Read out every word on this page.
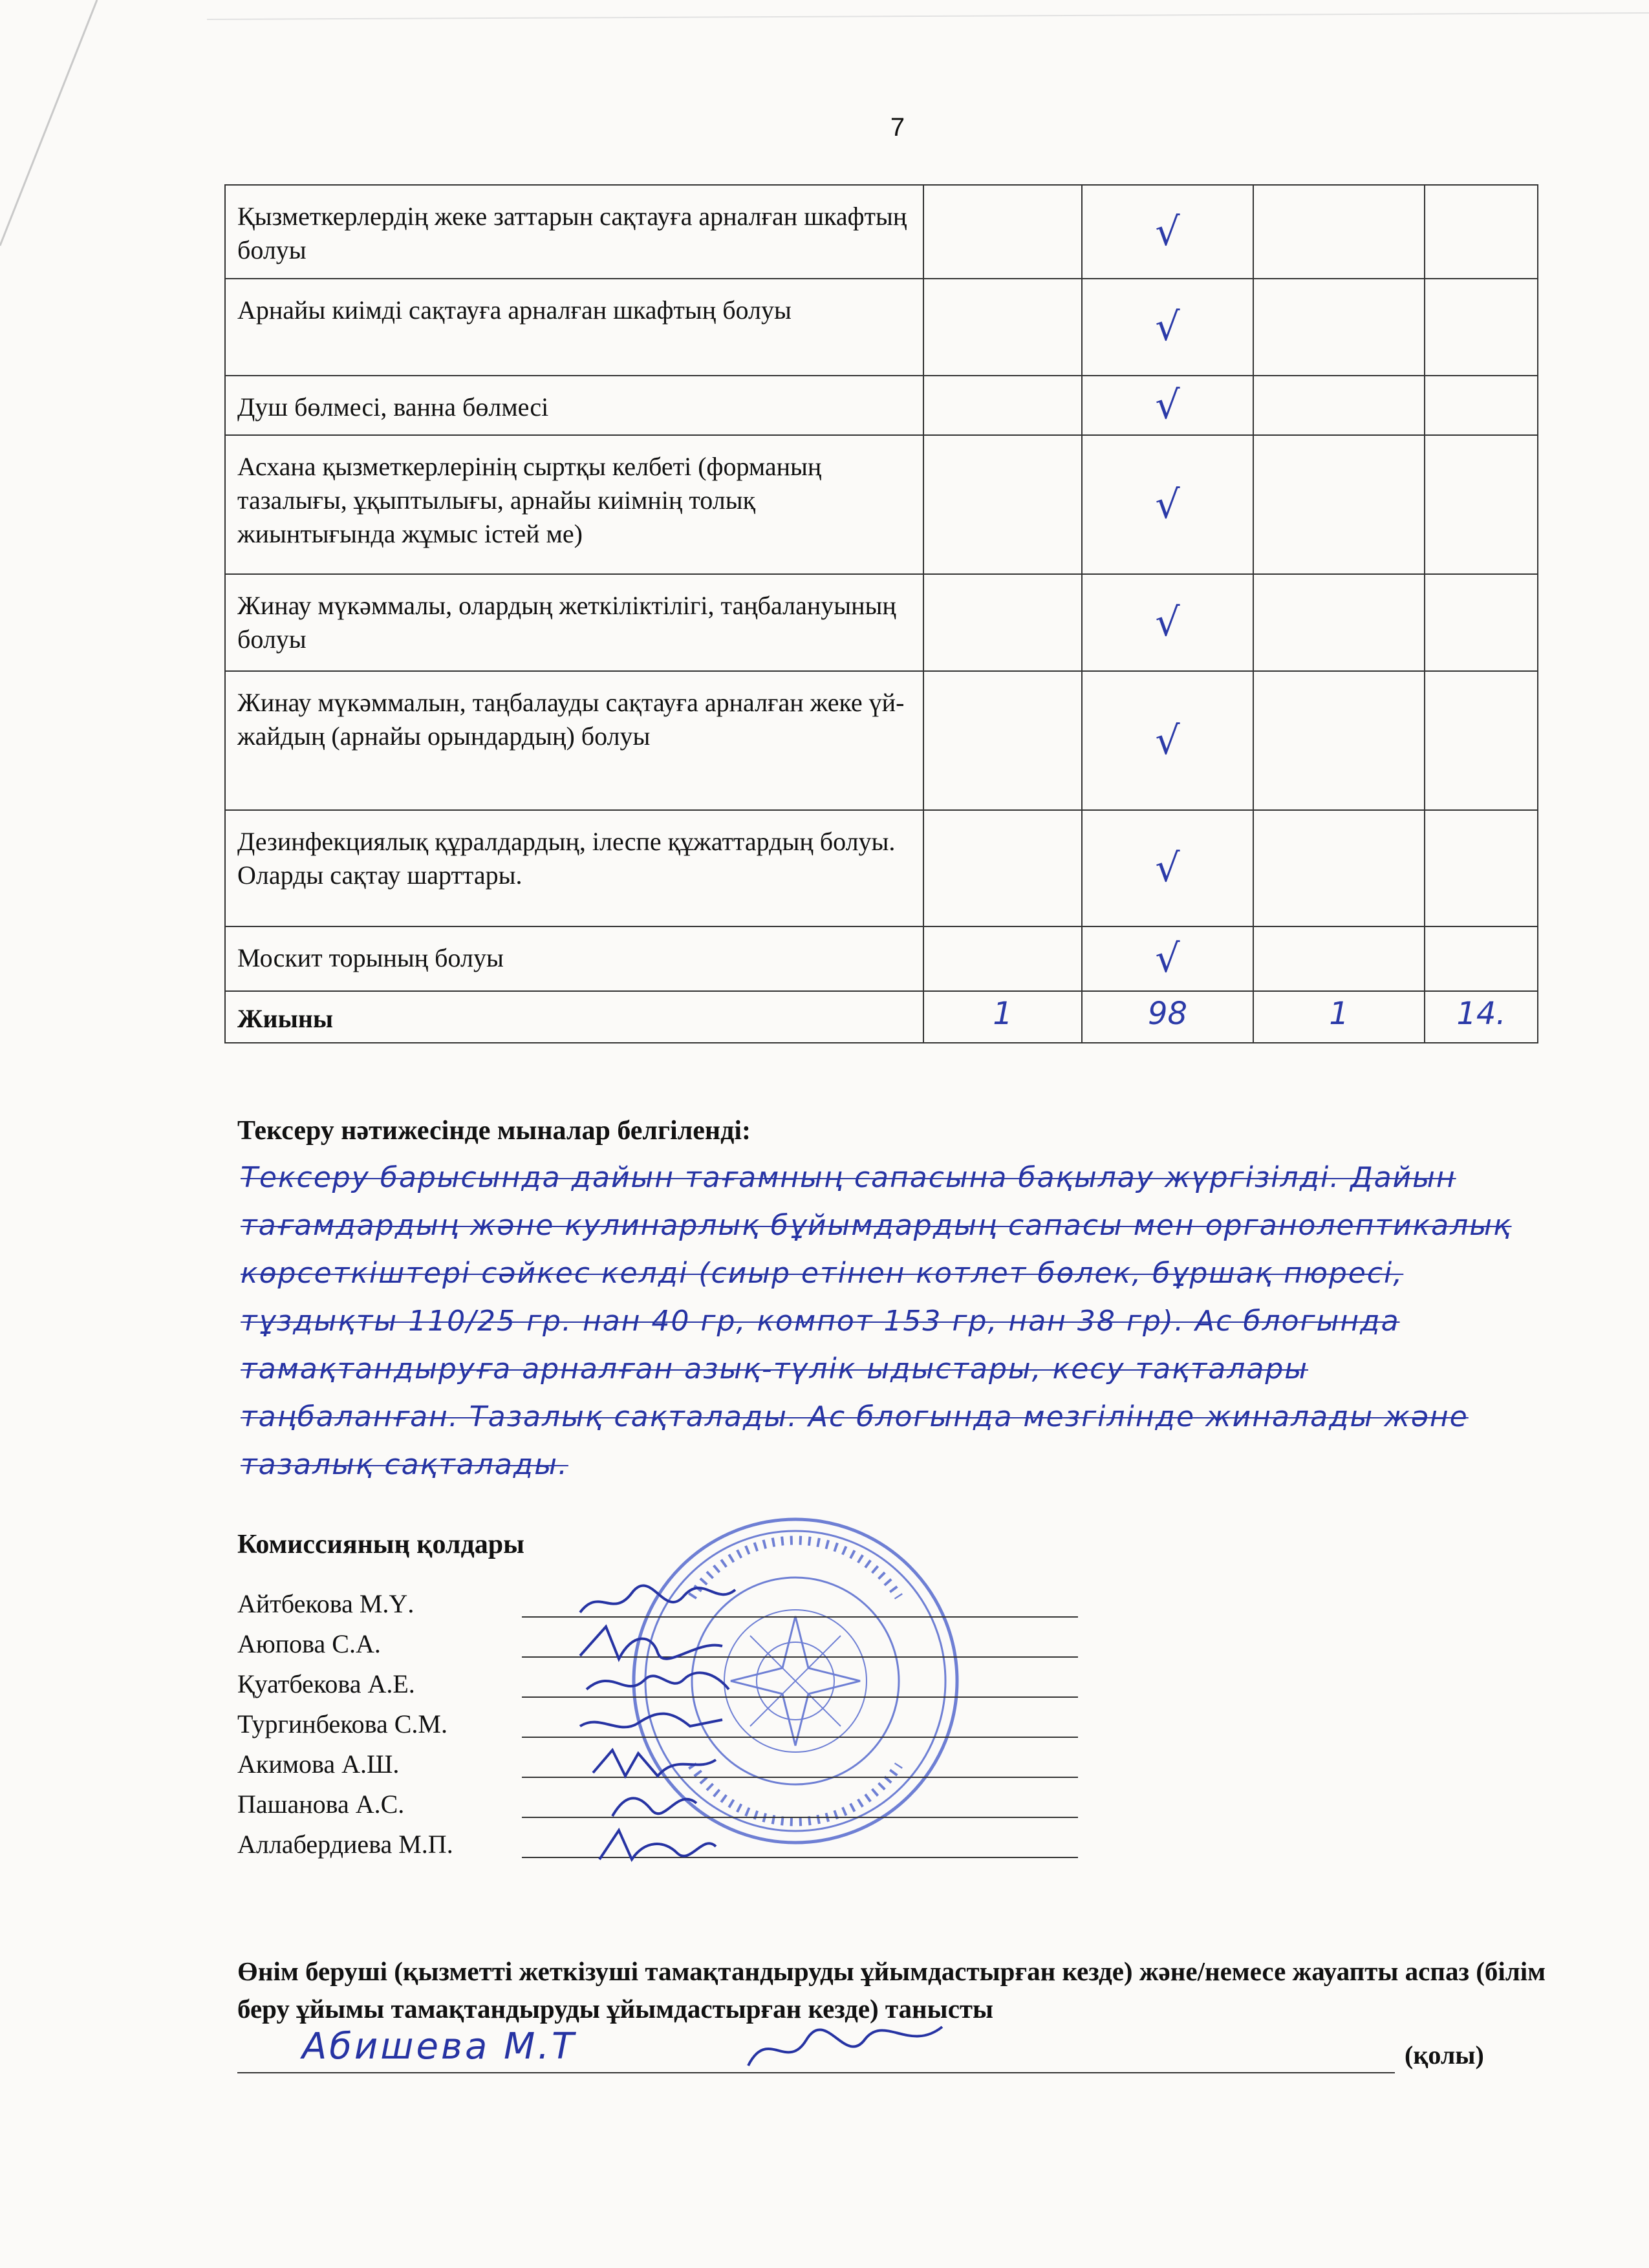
7
Қызметкерлердің жеке заттарын сақтауға арналған шкафтың болуы		√		
Арнайы киімді сақтауға арналған шкафтың болуы		√		
Душ бөлмесі, ванна бөлмесі		√		
Асхана қызметкерлерінің сыртқы келбеті (форманың тазалығы, ұқыптылығы, арнайы киімнің толық жиынтығында жұмыс істей ме)		√		
Жинау мүкәммалы, олардың жеткіліктілігі, таңбалануының болуы		√		
Жинау мүкәммалын, таңбалауды сақтауға арналған жеке үй-жайдың (арнайы орындардың) болуы		√		
Дезинфекциялық құралдардың, ілеспе құжаттардың болуы. Оларды сақтау шарттары.		√		
Москит торының болуы		√		
Жиыны	1	98	1	14.
Тексеру нәтижесінде мыналар белгіленді:
Тексеру барысында дайын тағамның сапасына бақылау жүргізілді. Дайын тағамдардың және кулинарлық бұйымдардың сапасы мен органолептикалық көрсеткіштері сәйкес келді (сиыр етінен котлет бөлек, бұршақ пюресі, тұздықты 110/25 гр. нан 40 гр, компот 153 гр, нан 38 гр). Ас блогында тамақтандыруға арналған азық-түлік ыдыстары, кесу тақталары таңбаланған. Тазалық сақталады. Ас блогында мезгілінде жиналады және тазалық сақталады.
Комиссияның қолдары
Айтбекова М.Ү.
Аюпова С.А.
Қуатбекова А.Е.
Тургинбекова С.М.
Акимова А.Ш.
Пашанова А.С.
Аллабердиева М.П.
Өнім беруші (қызметті жеткізуші тамақтандыруды ұйымдастырған кезде) және/немесе жауапты аспаз (білім беру ұйымы тамақтандыруды ұйымдастырған кезде) танысты
Абишева М.Т	(қолы)
